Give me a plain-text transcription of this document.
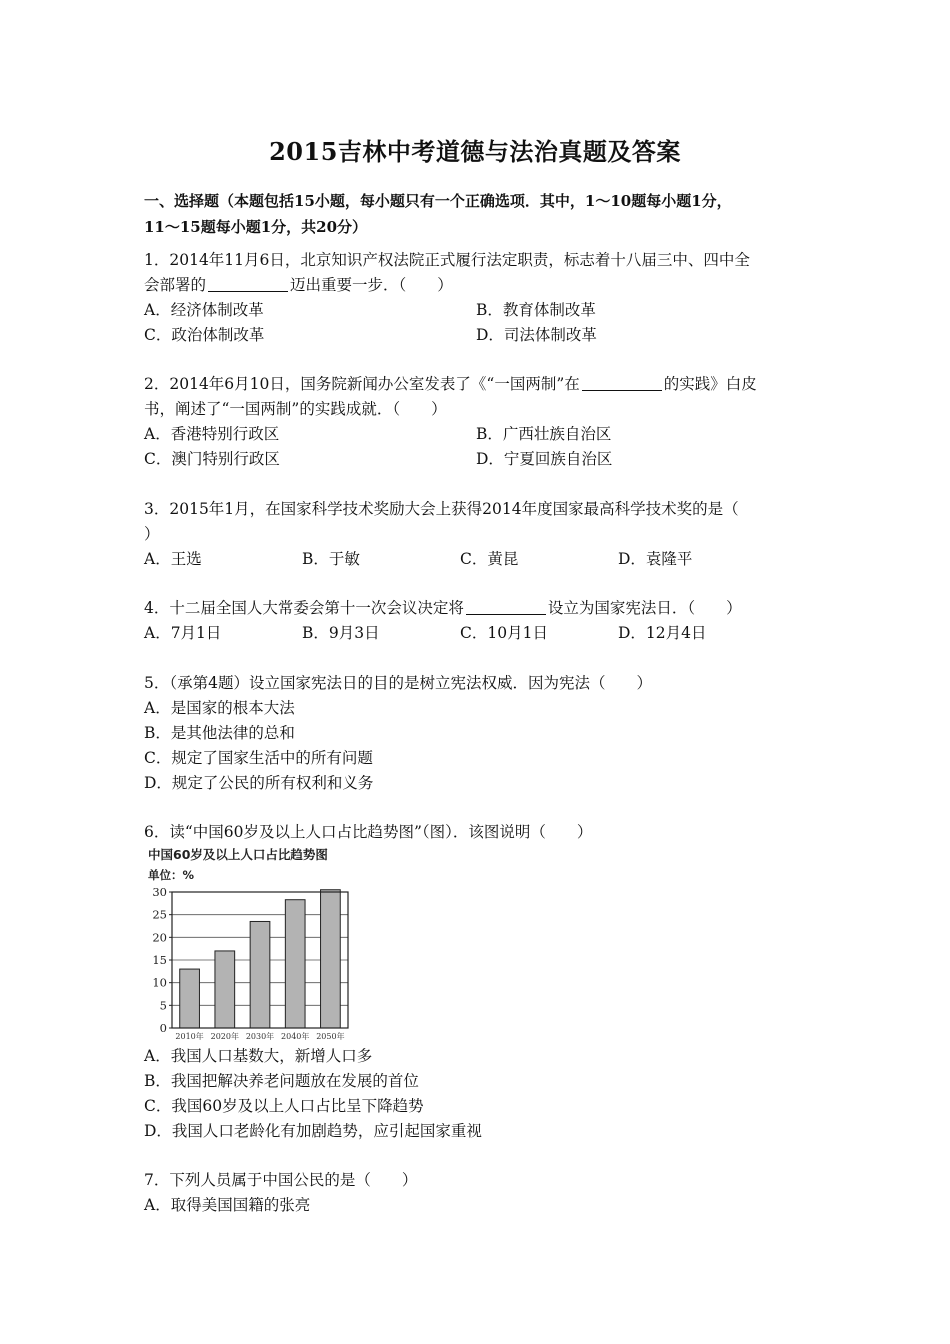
2015吉林中考道德与法治真题及答案
一、选择题（本题包括15小题，每小题只有一个正确选项．其中，1～10题每小题1分，
11～15题每小题1分，共20分）
1．2014年11月6日，北京知识产权法院正式履行法定职责，标志着十八届三中、四中全
会部署的	迈出重要一步．（　　）
A．经济体制改革	B．教育体制改革
C．政治体制改革	D．司法体制改革
2．2014年6月10日，国务院新闻办公室发表了《“一国两制”在	的实践》白皮
书，阐述了“一国两制”的实践成就．（　　）
A．香港特别行政区	B．广西壮族自治区
C．澳门特别行政区	D．宁夏回族自治区
3．2015年1月，在国家科学技术奖励大会上获得2014年度国家最高科学技术奖的是（
）
A．王选	B．于敏	C．黄昆	D．袁隆平
4．十二届全国人大常委会第十一次会议决定将	设立为国家宪法日．（　　）
A．7月1日	B．9月3日	C．10月1日	D．12月4日
5．（承第4题）设立国家宪法日的目的是树立宪法权威．因为宪法（　　）
A．是国家的根本大法
B．是其他法律的总和
C．规定了国家生活中的所有问题
D．规定了公民的所有权利和义务
6．读“中国60岁及以上人口占比趋势图”（图）．该图说明（　　）
中国60岁及以上人口占比趋势图
单位：%
0
5
10
15
20
25
30
2010年 2020年 2030年 2040年 2050年
A．我国人口基数大，新增人口多
B．我国把解决养老问题放在发展的首位
C．我国60岁及以上人口占比呈下降趋势
D．我国人口老龄化有加剧趋势，应引起国家重视
7．下列人员属于中国公民的是（　　）
A．取得美国国籍的张亮
